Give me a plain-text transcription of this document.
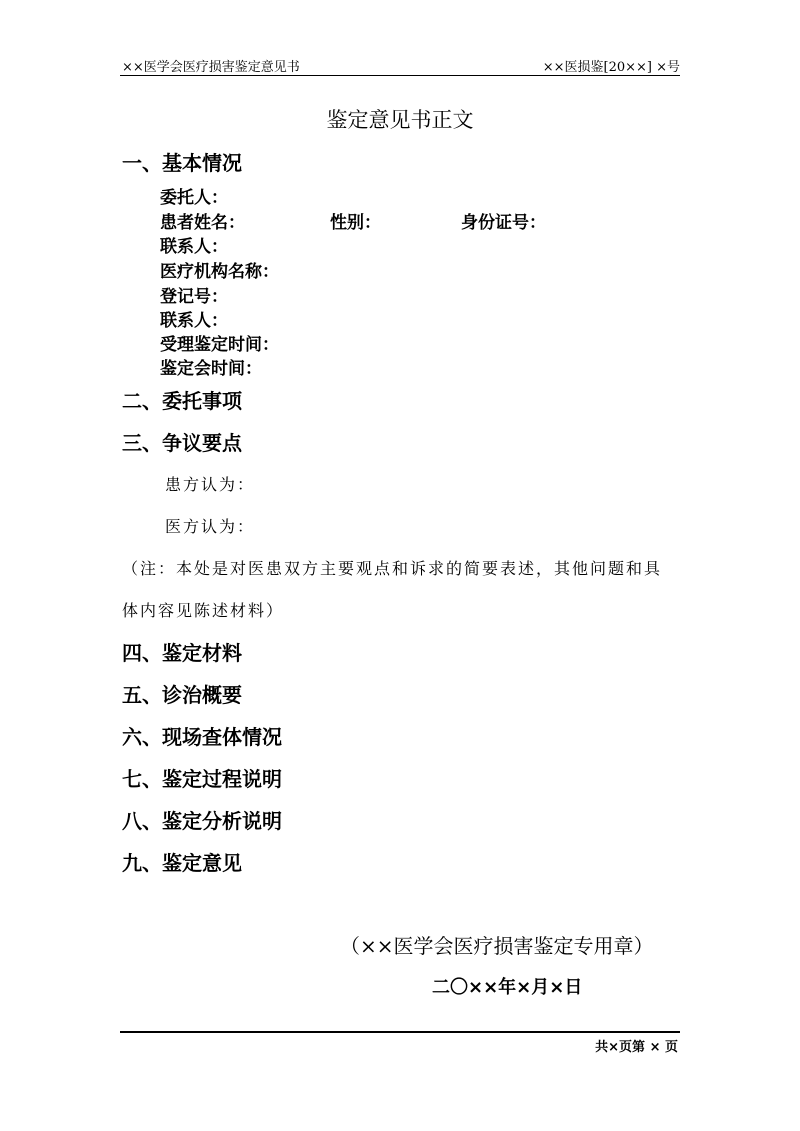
××医学会医疗损害鉴定意见书	××医损鉴[20××] ×号
鉴定意见书正文
一、基本情况
委托人：
患者姓名：	性别：	身份证号：
联系人：
医疗机构名称：
登记号：
联系人：
受理鉴定时间：
鉴定会时间：
二、委托事项
三、争议要点
患方认为：
医方认为：
（注：本处是对医患双方主要观点和诉求的简要表述，其他问题和具
体内容见陈述材料）
四、鉴定材料
五、诊治概要
六、现场查体情况
七、鉴定过程说明
八、鉴定分析说明
九、鉴定意见
（××医学会医疗损害鉴定专用章）
二〇××年×月×日
共×页第 × 页
